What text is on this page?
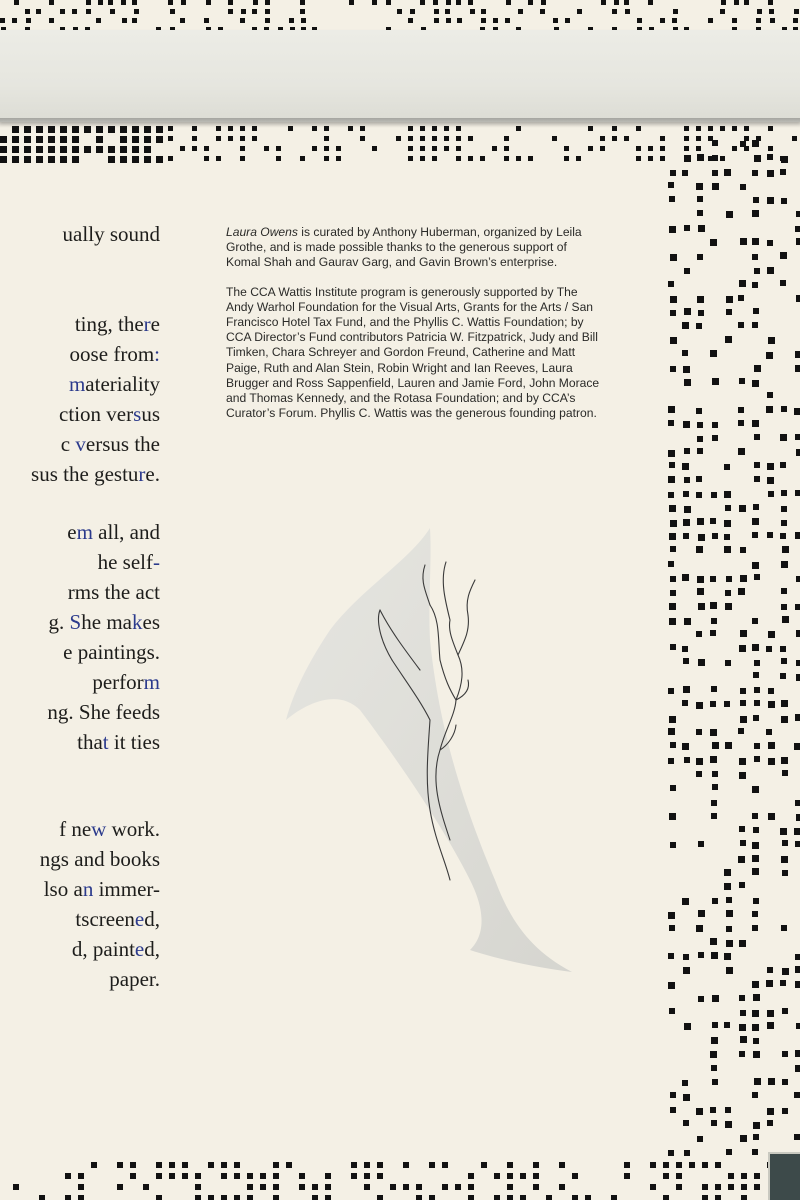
ually sound
ting, there
oose from:
materiality
ction versus
c versus the
sus the gesture.
em all, and
he self-
rms the act
g. She makes
e paintings.
perform
ng. She feeds
that it ties
f new work.
ngs and books
lso an immer-
tscreened,
d, painted,
paper.

Laura Owens is curated by Anthony Huberman, organized by Leila Grothe, and is made possible thanks to the generous support of Komal Shah and Gaurav Garg, and Gavin Brown’s enterprise.

The CCA Wattis Institute program is generously supported by The Andy Warhol Foundation for the Visual Arts, Grants for the Arts / San Francisco Hotel Tax Fund, and the Phyllis C. Wattis Foundation; by CCA Director’s Fund contributors Patricia W. Fitzpatrick, Judy and Bill Timken, Chara Schreyer and Gordon Freund, Catherine and Matt Paige, Ruth and Alan Stein, Robin Wright and Ian Reeves, Laura Brugger and Ross Sappenfield, Lauren and Jamie Ford, John Morace and Thomas Kennedy, and the Rotasa Foundation; and by CCA’s Curator’s Forum. Phyllis C. Wattis was the generous founding patron.
